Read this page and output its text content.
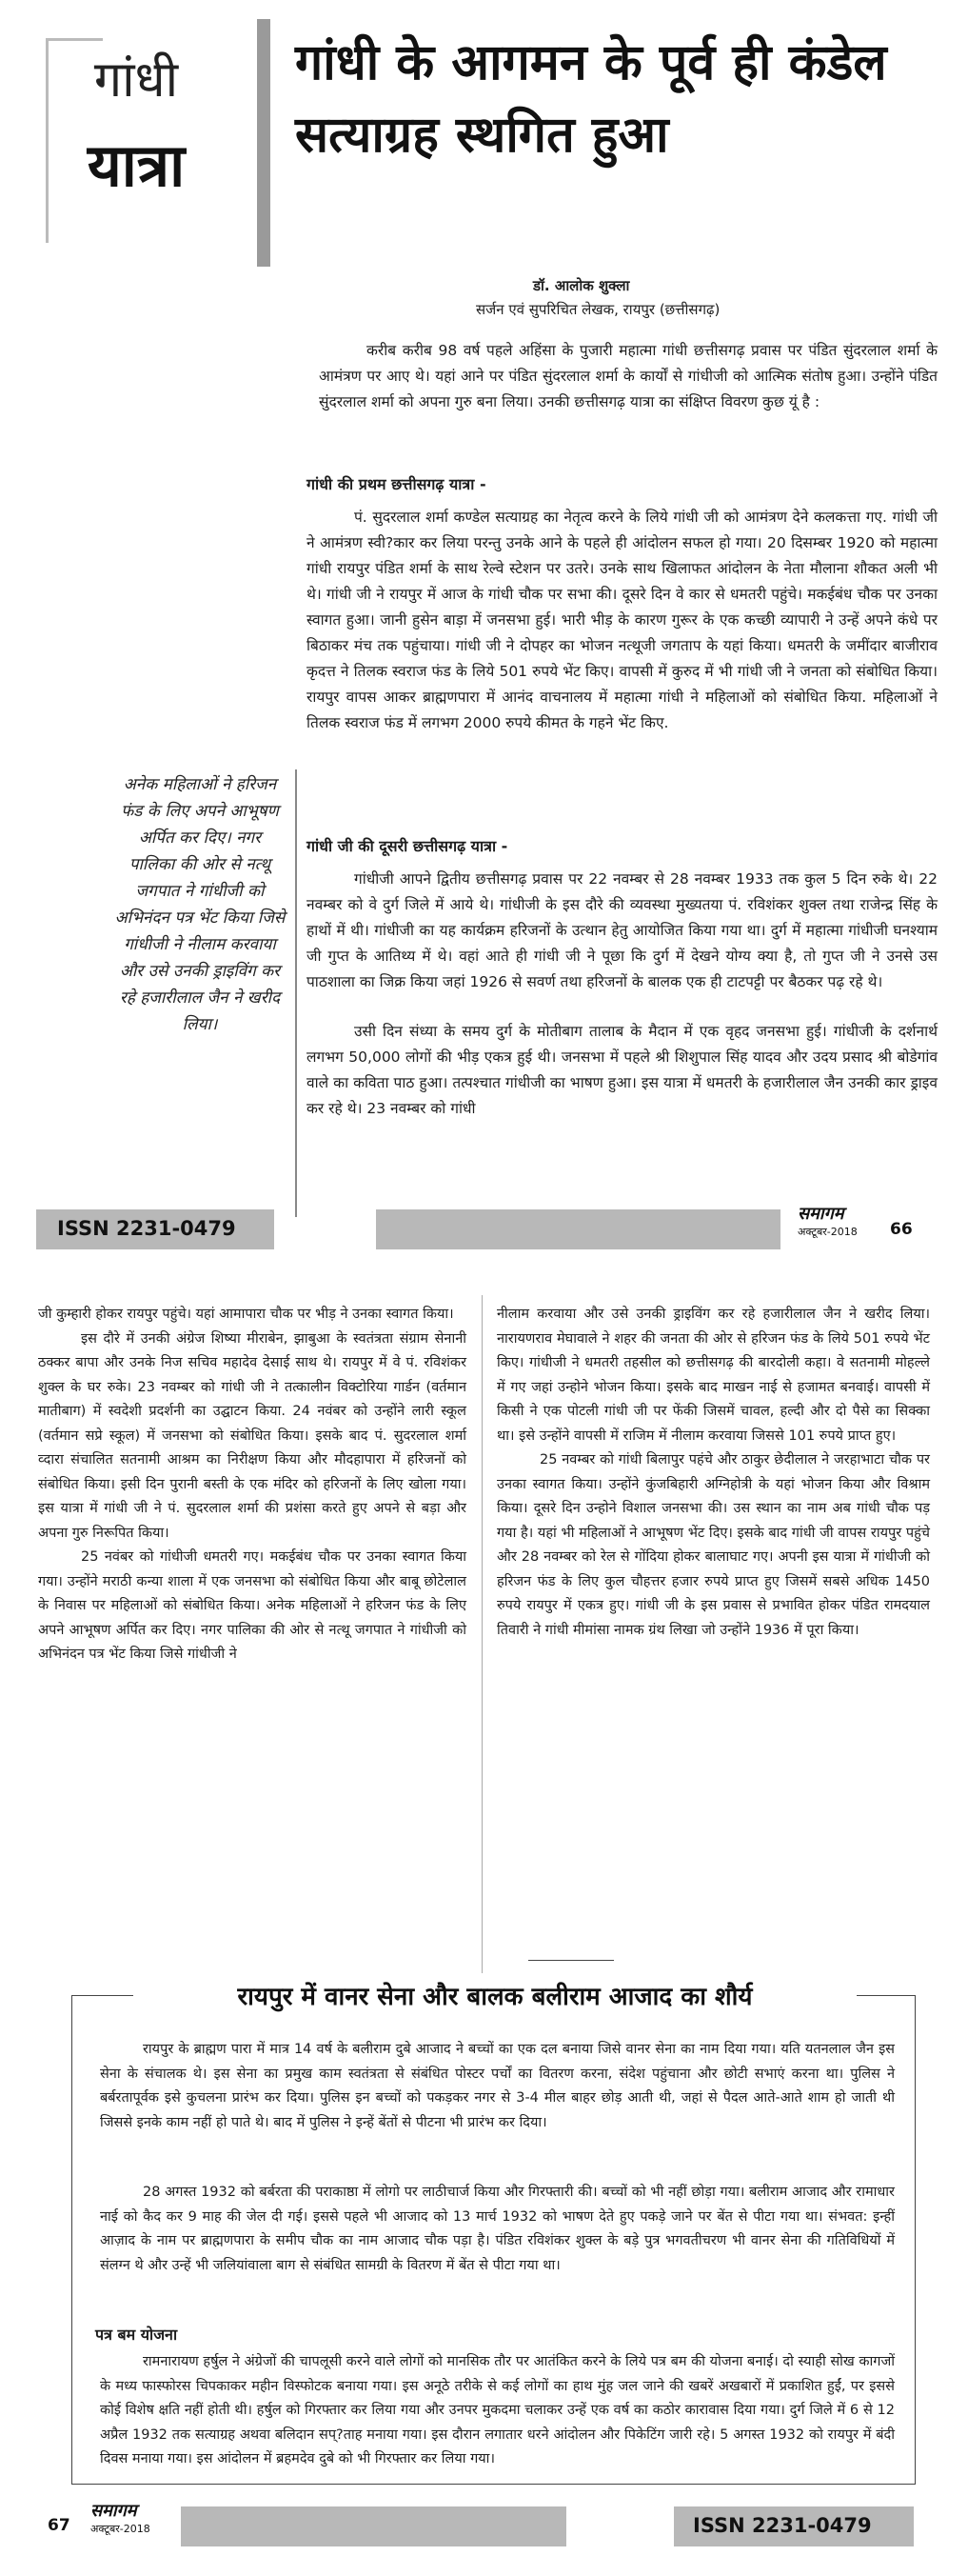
गांधी
यात्रा
गांधी के आगमन के पूर्व ही कंडेल सत्याग्रह स्थगित हुआ
डॉ. आलोक शुक्ला
सर्जन एवं सुपरिचित लेखक, रायपुर (छत्तीसगढ़)
करीब करीब 98 वर्ष पहले अहिंसा के पुजारी महात्मा गांधी छत्तीसगढ़ प्रवास पर पंडित सुंदरलाल शर्मा के आमंत्रण पर आए थे। यहां आने पर पंडित सुंदरलाल शर्मा के कार्यों से गांधीजी को आत्मिक संतोष हुआ। उन्होंने पंडित सुंदरलाल शर्मा को अपना गुरु बना लिया। उनकी छत्तीसगढ़ यात्रा का संक्षिप्त विवरण कुछ यूं है :
गांधी की प्रथम छत्तीसगढ़ यात्रा -
पं. सुदरलाल शर्मा कण्डेल सत्याग्रह का नेतृत्व करने के लिये गांधी जी को आमंत्रण देने कलकत्ता गए. गांधी जी ने आमंत्रण स्वी?कार कर लिया परन्तु उनके आने के पहले ही आंदोलन सफल हो गया। 20 दिसम्बर 1920 को महात्मा गांधी रायपुर पंडित शर्मा के साथ रेल्वे स्टेशन पर उतरे। उनके साथ खिलाफत आंदोलन के नेता मौलाना शौकत अली भी थे। गांधी जी ने रायपुर में आज के गांधी चौक पर सभा की। दूसरे दिन वे कार से धमतरी पहुंचे। मकईबंध चौक पर उनका स्वागत हुआ। जानी हुसेन बाड़ा में जनसभा हुई। भारी भीड़ के कारण गुरूर के एक कच्छी व्यापारी ने उन्हें अपने कंधे पर बिठाकर मंच तक पहुंचाया। गांधी जी ने दोपहर का भोजन नत्थूजी जगताप के यहां किया। धमतरी के जमींदार बाजीराव कृदत्त ने तिलक स्वराज फंड के लिये 501 रुपये भेंट किए। वापसी में कुरुद में भी गांधी जी ने जनता को संबोधित किया। रायपुर वापस आकर ब्राह्मणपारा में आनंद वाचनालय में महात्मा गांधी ने महिलाओं को संबोधित किया. महिलाओं ने तिलक स्वराज फंड में लगभग 2000 रुपये कीमत के गहने भेंट किए.
गांधी जी की दूसरी छत्तीसगढ़ यात्रा -
गांधीजी आपने द्वितीय छत्तीसगढ़ प्रवास पर 22 नवम्बर से 28 नवम्बर 1933 तक कुल 5 दिन रुके थे। 22 नवम्बर को वे दुर्ग जिले में आये थे। गांधीजी के इस दौरे की व्यवस्था मुख्यतया पं. रविशंकर शुक्ल तथा राजेन्द्र सिंह के हाथों में थी। गांधीजी का यह कार्यक्रम हरिजनों के उत्थान हेतु आयोजित किया गया था। दुर्ग में महात्मा गांधीजी घनश्याम जी गुप्त के आतिथ्य में थे। वहां आते ही गांधी जी ने पूछा कि दुर्ग में देखने योग्य क्या है, तो गुप्त जी ने उनसे उस पाठशाला का जिक्र किया जहां 1926 से सवर्ण तथा हरिजनों के बालक एक ही टाटपट्टी पर बैठकर पढ़ रहे थे।
उसी दिन संध्या के समय दुर्ग के मोतीबाग तालाब के मैदान में एक वृहद जनसभा हुई। गांधीजी के दर्शनार्थ लगभग 50,000 लोगों की भीड़ एकत्र हुई थी। जनसभा में पहले श्री शिशुपाल सिंह यादव और उदय प्रसाद श्री बोडेगांव वाले का कविता पाठ हुआ। तत्पश्चात गांधीजी का भाषण हुआ। इस यात्रा में धमतरी के हजारीलाल जैन उनकी कार ड्राइव कर रहे थे। 23 नवम्बर को गांधी
अनेक महिलाओं ने हरिजन फंड के लिए अपने आभूषण अर्पित कर दिए। नगर पालिका की ओर से नत्थू जगपात ने गांधीजी को अभिनंदन पत्र भेंट किया जिसे गांधीजी ने नीलाम करवाया और उसे उनकी ड्राइविंग कर रहे हजारीलाल जैन ने खरीद लिया।
ISSN 2231-0479
समागम
अक्टूबर-2018 66

जी कुम्हारी होकर रायपुर पहुंचे। यहां आमापारा चौक पर भीड़ ने उनका स्वागत किया।

इस दौरे में उनकी अंग्रेज शिष्या मीराबेन, झाबुआ के स्वतंत्रता संग्राम सेनानी ठक्कर बापा और उनके निज सचिव महादेव देसाई साथ थे। रायपुर में वे पं. रविशंकर शुक्ल के घर रुके। 23 नवम्बर को गांधी जी ने तत्कालीन विक्टोरिया गार्डन (वर्तमान मातीबाग) में स्वदेशी प्रदर्शनी का उद्घाटन किया. 24 नवंबर को उन्होंने लारी स्कूल (वर्तमान सप्रे स्कूल) में जनसभा को संबोधित किया। इसके बाद पं. सुदरलाल शर्मा व्दारा संचालित सतनामी आश्रम का निरीक्षण किया और मौदहापारा में हरिजनों को संबोधित किया। इसी दिन पुरानी बस्ती के एक मंदिर को हरिजनों के लिए खोला गया। इस यात्रा में गांधी जी ने पं. सुदरलाल शर्मा की प्रशंसा करते हुए अपने से बड़ा और अपना गुरु निरूपित किया।

25 नवंबर को गांधीजी धमतरी गए। मकईबंध चौक पर उनका स्वागत किया गया। उन्होंने मराठी कन्या शाला में एक जनसभा को संबोधित किया और बाबू छोटेलाल के निवास पर महिलाओं को संबोधित किया। अनेक महिलाओं ने हरिजन फंड के लिए अपने आभूषण अर्पित कर दिए। नगर पालिका की ओर से नत्थू जगपात ने गांधीजी को अभिनंदन पत्र भेंट किया जिसे गांधीजी ने

नीलाम करवाया और उसे उनकी ड्राइविंग कर रहे हजारीलाल जैन ने खरीद लिया। नारायणराव मेघावाले ने शहर की जनता की ओर से हरिजन फंड के लिये 501 रुपये भेंट किए। गांधीजी ने धमतरी तहसील को छत्तीसगढ़ की बारदोली कहा। वे सतनामी मोहल्ले में गए जहां उन्होने भोजन किया। इसके बाद माखन नाई से हजामत बनवाई। वापसी में किसी ने एक पोटली गांधी जी पर फेंकी जिसमें चावल, हल्दी और दो पैसे का सिक्का था। इसे उन्होंने वापसी में राजिम में नीलाम करवाया जिससे 101 रुपये प्राप्त हुए।

25 नवम्बर को गांधी बिलापुर पहंचे और ठाकुर छेदीलाल ने जरहाभाटा चौक पर उनका स्वागत किया। उन्होंने कुंजबिहारी अग्निहोत्री के यहां भोजन किया और विश्राम किया। दूसरे दिन उन्होने विशाल जनसभा की। उस स्थान का नाम अब गांधी चौक पड़ गया है। यहां भी महिलाओं ने आभूषण भेंट दिए। इसके बाद गांधी जी वापस रायपुर पहुंचे और 28 नवम्बर को रेल से गोंदिया होकर बालाघाट गए। अपनी इस यात्रा में गांधीजी को हरिजन फंड के लिए कुल चौहत्तर हजार रुपये प्राप्त हुए जिसमें सबसे अधिक 1450 रुपये रायपुर में एकत्र हुए। गांधी जी के इस प्रवास से प्रभावित होकर पंडित रामदयाल तिवारी ने गांधी मीमांसा नामक ग्रंथ लिखा जो उन्होंने 1936 में पूरा किया।

रायपुर में वानर सेना और बालक बलीराम आजाद का शौर्य
रायपुर के ब्राह्मण पारा में मात्र 14 वर्ष के बलीराम दुबे आजाद ने बच्चों का एक दल बनाया जिसे वानर सेना का नाम दिया गया। यति यतनलाल जैन इस सेना के संचालक थे। इस सेना का प्रमुख काम स्वतंत्रता से संबंधित पोस्टर पर्चों का वितरण करना, संदेश पहुंचाना और छोटी सभाएं करना था। पुलिस ने बर्बरतापूर्वक इसे कुचलना प्रारंभ कर दिया। पुलिस इन बच्चों को पकड़कर नगर से 3-4 मील बाहर छोड़ आती थी, जहां से पैदल आते-आते शाम हो जाती थी जिससे इनके काम नहीं हो पाते थे। बाद में पुलिस ने इन्हें बेंतों से पीटना भी प्रारंभ कर दिया।
28 अगस्त 1932 को बर्बरता की पराकाष्ठा में लोगो पर लाठीचार्ज किया और गिरफ्तारी की। बच्चों को भी नहीं छोड़ा गया। बलीराम आजाद और रामाधार नाई को कैद कर 9 माह की जेल दी गई। इससे पहले भी आजाद को 13 मार्च 1932 को भाषण देते हुए पकड़े जाने पर बेंत से पीटा गया था। संभवत: इन्हीं आज़ाद के नाम पर ब्राह्मणपारा के समीप चौक का नाम आजाद चौक पड़ा है। पंडित रविशंकर शुक्ल के बड़े पुत्र भगवतीचरण भी वानर सेना की गतिविधियों में संलग्न थे और उन्हें भी जलियांवाला बाग से संबंधित सामग्री के वितरण में बेंत से पीटा गया था।
पत्र बम योजना
रामनारायण हर्षुल ने अंग्रेजों की चापलूसी करने वाले लोगों को मानसिक तौर पर आतंकित करने के लिये पत्र बम की योजना बनाई। दो स्याही सोख कागजों के मध्य फास्फोरस चिपकाकर महीन विस्फोटक बनाया गया। इस अनूठे तरीके से कई लोगों का हाथ मुंह जल जाने की खबरें अखबारों में प्रकाशित हुईं, पर इससे कोई विशेष क्षति नहीं होती थी। हर्षुल को गिरफ्तार कर लिया गया और उनपर मुकदमा चलाकर उन्हें एक वर्ष का कठोर कारावास दिया गया। दुर्ग जिले में 6 से 12 अप्रैल 1932 तक सत्याग्रह अथवा बलिदान सप्?ताह मनाया गया। इस दौरान लगातार धरने आंदोलन और पिकेटिंग जारी रहे। 5 अगस्त 1932 को रायपुर में बंदी दिवस मनाया गया। इस आंदोलन में ब्रहमदेव दुबे को भी गिरफ्तार कर लिया गया।
67
समागम
अक्टूबर-2018	ISSN 2231-0479
